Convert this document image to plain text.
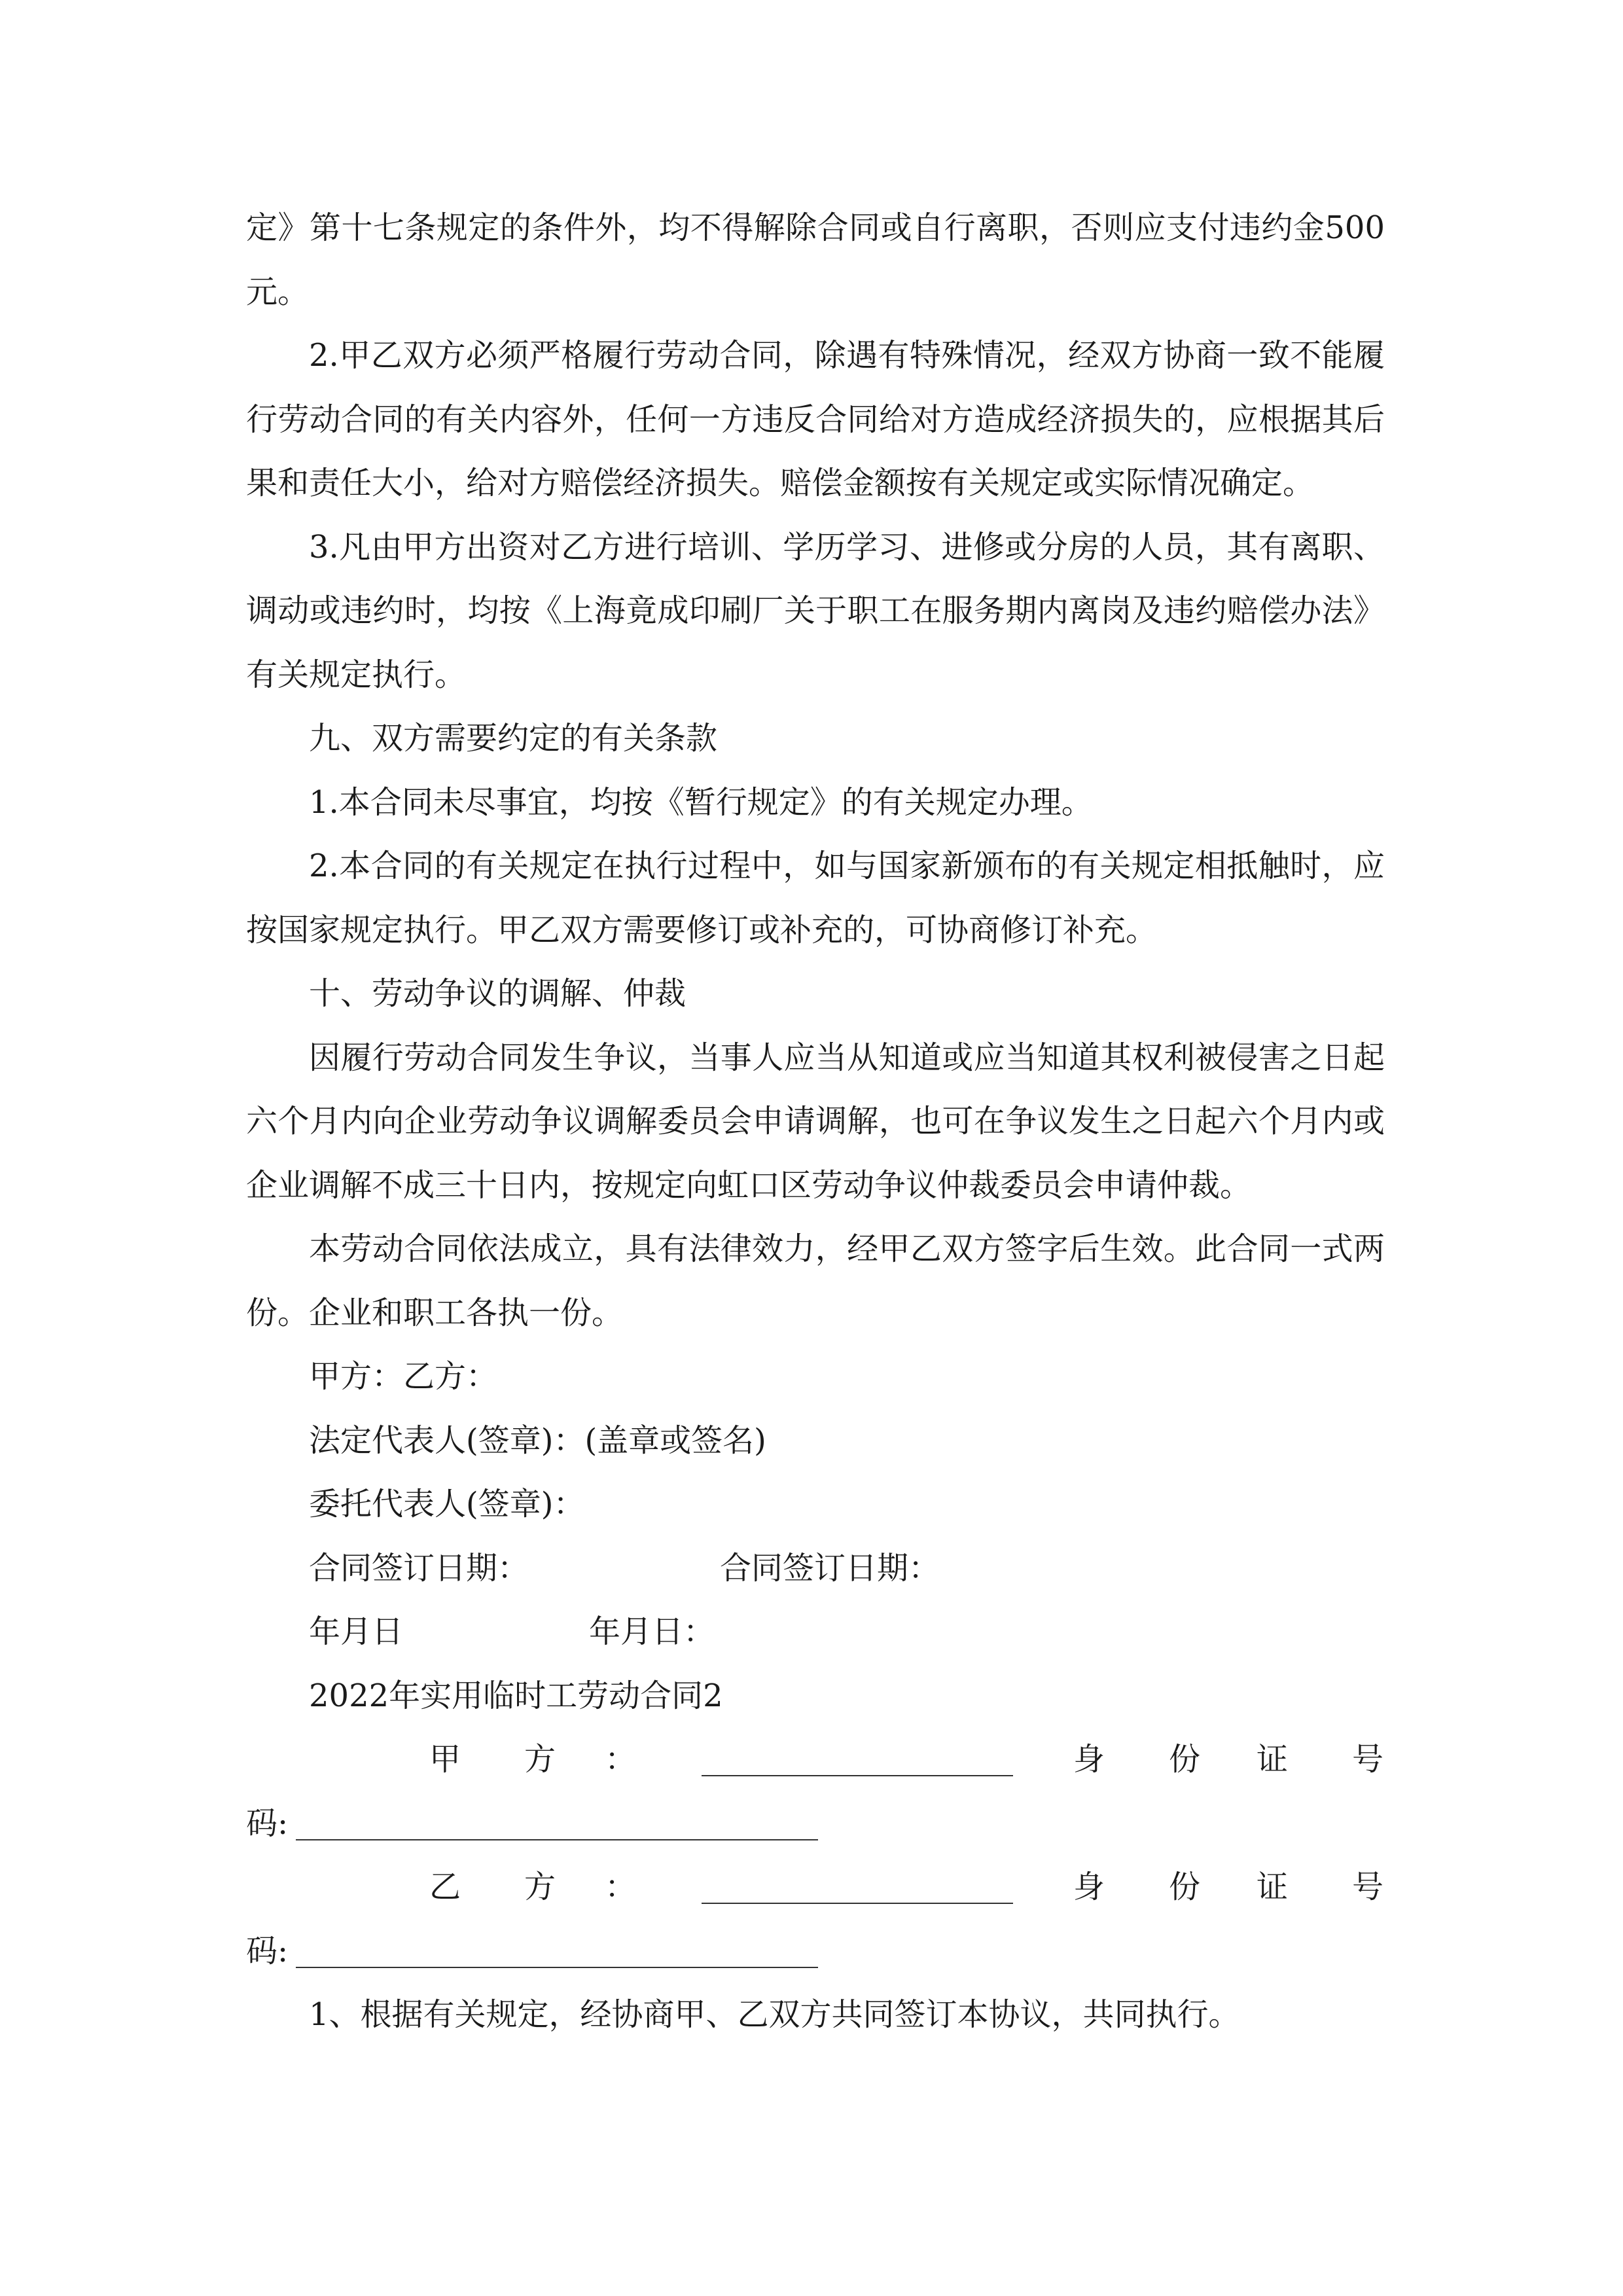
定》第十七条规定的条件外，均不得解除合同或自行离职，否则应支付违约金500元。

2.甲乙双方必须严格履行劳动合同，除遇有特殊情况，经双方协商一致不能履行劳动合同的有关内容外，任何一方违反合同给对方造成经济损失的，应根据其后果和责任大小，给对方赔偿经济损失。赔偿金额按有关规定或实际情况确定。

3.凡由甲方出资对乙方进行培训、学历学习、进修或分房的人员，其有离职、调动或违约时，均按《上海竟成印刷厂关于职工在服务期内离岗及违约赔偿办法》有关规定执行。

九、双方需要约定的有关条款

1.本合同未尽事宜，均按《暂行规定》的有关规定办理。

2.本合同的有关规定在执行过程中，如与国家新颁布的有关规定相抵触时，应按国家规定执行。甲乙双方需要修订或补充的，可协商修订补充。

十、劳动争议的调解、仲裁

因履行劳动合同发生争议，当事人应当从知道或应当知道其权利被侵害之日起六个月内向企业劳动争议调解委员会申请调解，也可在争议发生之日起六个月内或企业调解不成三十日内，按规定向虹口区劳动争议仲裁委员会申请仲裁。

本劳动合同依法成立，具有法律效力，经甲乙双方签字后生效。此合同一式两份。企业和职工各执一份。

甲方：乙方：

法定代表人(签章)：(盖章或签名)

委托代表人(签章)：

合同签订日期：	合同签订日期：
年月日	年月日：

2022年实用临时工劳动合同2

甲 方 ：	身 份 证 号
码:
乙 方 ：	身 份 证 号
码:

1、根据有关规定，经协商甲、乙双方共同签订本协议，共同执行。
